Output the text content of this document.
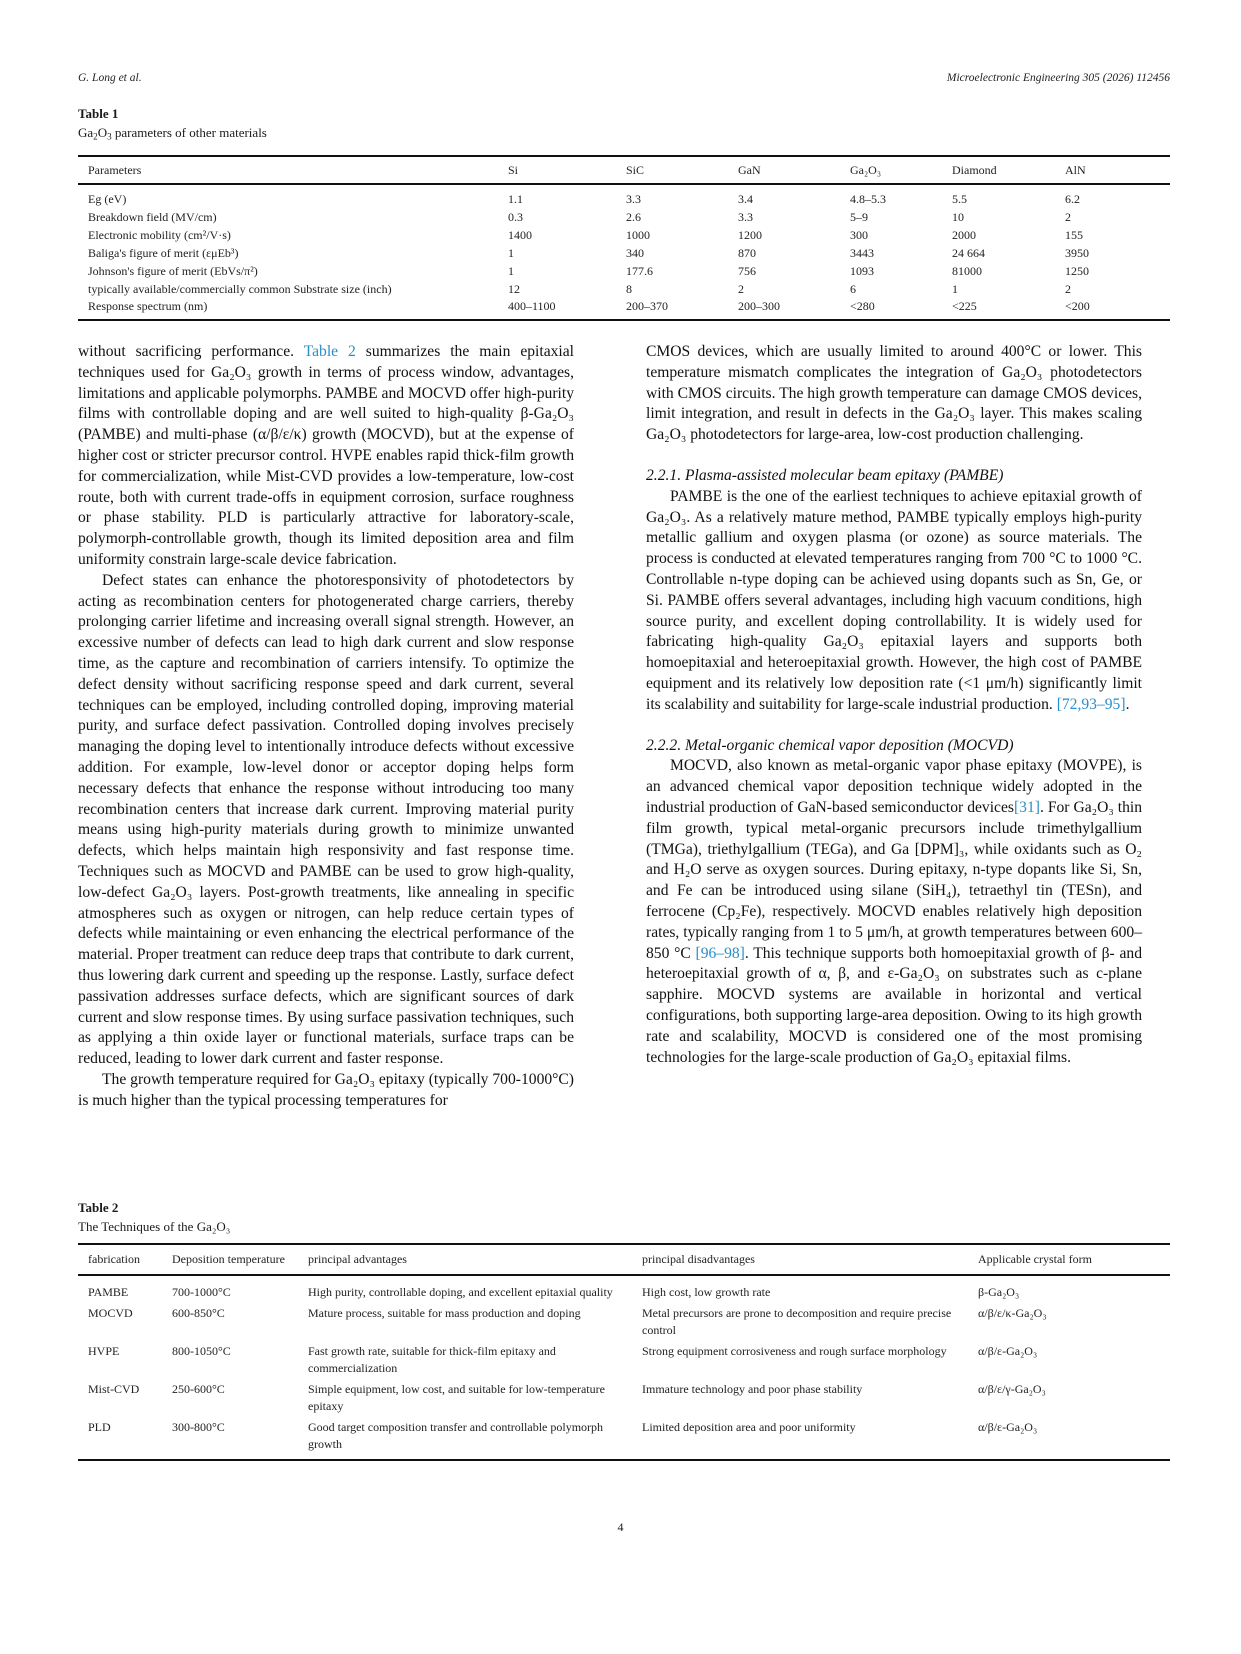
G. Long et al.	Microelectronic Engineering 305 (2026) 112456
Table 1
$Ga_2O_3$ parameters of other materials
Parameters	Si	SiC	GaN	Ga₂O₃	Diamond	AlN
Eg (eV)	1.1	3.3	3.4	4.8–5.3	5.5	6.2
Breakdown field (MV/cm)	0.3	2.6	3.3	5–9	10	2
Electronic mobility (cm²/V·s)	1400	1000	1200	300	2000	155
Baliga's figure of merit (εμEb³)	1	340	870	3443	24 664	3950
Johnson's figure of merit (EbVs/π²)	1	177.6	756	1093	81000	1250
typically available/commercially common Substrate size (inch)	12	8	2	6	1	2
Response spectrum (nm)	400–1100	200–370	200–300	<280	<225	<200

without sacrificing performance. Table 2 summarizes the main epitaxial techniques used for Ga₂O₃ growth in terms of process window, advantages, limitations and applicable polymorphs. PAMBE and MOCVD offer high-purity films with controllable doping and are well suited to high-quality β-Ga₂O₃ (PAMBE) and multi-phase (α/β/ε/κ) growth (MOCVD), but at the expense of higher cost or stricter precursor control. HVPE enables rapid thick-film growth for commercialization, while Mist-CVD provides a low-temperature, low-cost route, both with current trade-offs in equipment corrosion, surface roughness or phase stability. PLD is particularly attractive for laboratory-scale, polymorph-controllable growth, though its limited deposition area and film uniformity constrain large-scale device fabrication.

Defect states can enhance the photoresponsivity of photodetectors by acting as recombination centers for photogenerated charge carriers, thereby prolonging carrier lifetime and increasing overall signal strength. However, an excessive number of defects can lead to high dark current and slow response time, as the capture and recombination of carriers intensify. To optimize the defect density without sacrificing response speed and dark current, several techniques can be employed, including controlled doping, improving material purity, and surface defect passivation. Controlled doping involves precisely managing the doping level to intentionally introduce defects without excessive addition. For example, low-level donor or acceptor doping helps form necessary defects that enhance the response without introducing too many recombination centers that increase dark current. Improving material purity means using high-purity materials during growth to minimize unwanted defects, which helps maintain high responsivity and fast response time. Techniques such as MOCVD and PAMBE can be used to grow high-quality, low-defect Ga₂O₃ layers. Post-growth treatments, like annealing in specific atmospheres such as oxygen or nitrogen, can help reduce certain types of defects while maintaining or even enhancing the electrical performance of the material. Proper treatment can reduce deep traps that contribute to dark current, thus lowering dark current and speeding up the response. Lastly, surface defect passivation addresses surface defects, which are significant sources of dark current and slow response times. By using surface passivation techniques, such as applying a thin oxide layer or functional materials, surface traps can be reduced, leading to lower dark current and faster response.

The growth temperature required for Ga₂O₃ epitaxy (typically 700-1000°C) is much higher than the typical processing temperatures for

CMOS devices, which are usually limited to around 400°C or lower. This temperature mismatch complicates the integration of Ga₂O₃ photodetectors with CMOS circuits. The high growth temperature can damage CMOS devices, limit integration, and result in defects in the Ga₂O₃ layer. This makes scaling Ga₂O₃ photodetectors for large-area, low-cost production challenging.

2.2.1. Plasma-assisted molecular beam epitaxy (PAMBE)

PAMBE is the one of the earliest techniques to achieve epitaxial growth of Ga₂O₃. As a relatively mature method, PAMBE typically employs high-purity metallic gallium and oxygen plasma (or ozone) as source materials. The process is conducted at elevated temperatures ranging from 700 °C to 1000 °C. Controllable n-type doping can be achieved using dopants such as Sn, Ge, or Si. PAMBE offers several advantages, including high vacuum conditions, high source purity, and excellent doping controllability. It is widely used for fabricating high-quality Ga₂O₃ epitaxial layers and supports both homoepitaxial and heteroepitaxial growth. However, the high cost of PAMBE equipment and its relatively low deposition rate (<1 μm/h) significantly limit its scalability and suitability for large-scale industrial production. [72,93–95].

2.2.2. Metal-organic chemical vapor deposition (MOCVD)

MOCVD, also known as metal-organic vapor phase epitaxy (MOVPE), is an advanced chemical vapor deposition technique widely adopted in the industrial production of GaN-based semiconductor devices[31]. For Ga₂O₃ thin film growth, typical metal-organic precursors include trimethylgallium (TMGa), triethylgallium (TEGa), and Ga [DPM]₃, while oxidants such as O₂ and H₂O serve as oxygen sources. During epitaxy, n-type dopants like Si, Sn, and Fe can be introduced using silane (SiH₄), tetraethyl tin (TESn), and ferrocene (Cp₂Fe), respectively. MOCVD enables relatively high deposition rates, typically ranging from 1 to 5 μm/h, at growth temperatures between 600–850 °C [96–98]. This technique supports both homoepitaxial growth of β- and heteroepitaxial growth of α, β, and ε-Ga₂O₃ on substrates such as c-plane sapphire. MOCVD systems are available in horizontal and vertical configurations, both supporting large-area deposition. Owing to its high growth rate and scalability, MOCVD is considered one of the most promising technologies for the large-scale production of Ga₂O₃ epitaxial films.

Table 2
The Techniques of the Ga₂O₃
fabrication	Deposition temperature	principal advantages	principal disadvantages	Applicable crystal form
PAMBE	700-1000°C	High purity, controllable doping, and excellent epitaxial quality	High cost, low growth rate	β-Ga₂O₃
MOCVD	600-850°C	Mature process, suitable for mass production and doping	Metal precursors are prone to decomposition and require precise control	α/β/ε/κ-Ga₂O₃
HVPE	800-1050°C	Fast growth rate, suitable for thick-film epitaxy and commercialization	Strong equipment corrosiveness and rough surface morphology	α/β/ε-Ga₂O₃
Mist-CVD	250-600°C	Simple equipment, low cost, and suitable for low-temperature epitaxy	Immature technology and poor phase stability	α/β/ε/γ-Ga₂O₃
PLD	300-800°C	Good target composition transfer and controllable polymorph growth	Limited deposition area and poor uniformity	α/β/ε-Ga₂O₃
4
